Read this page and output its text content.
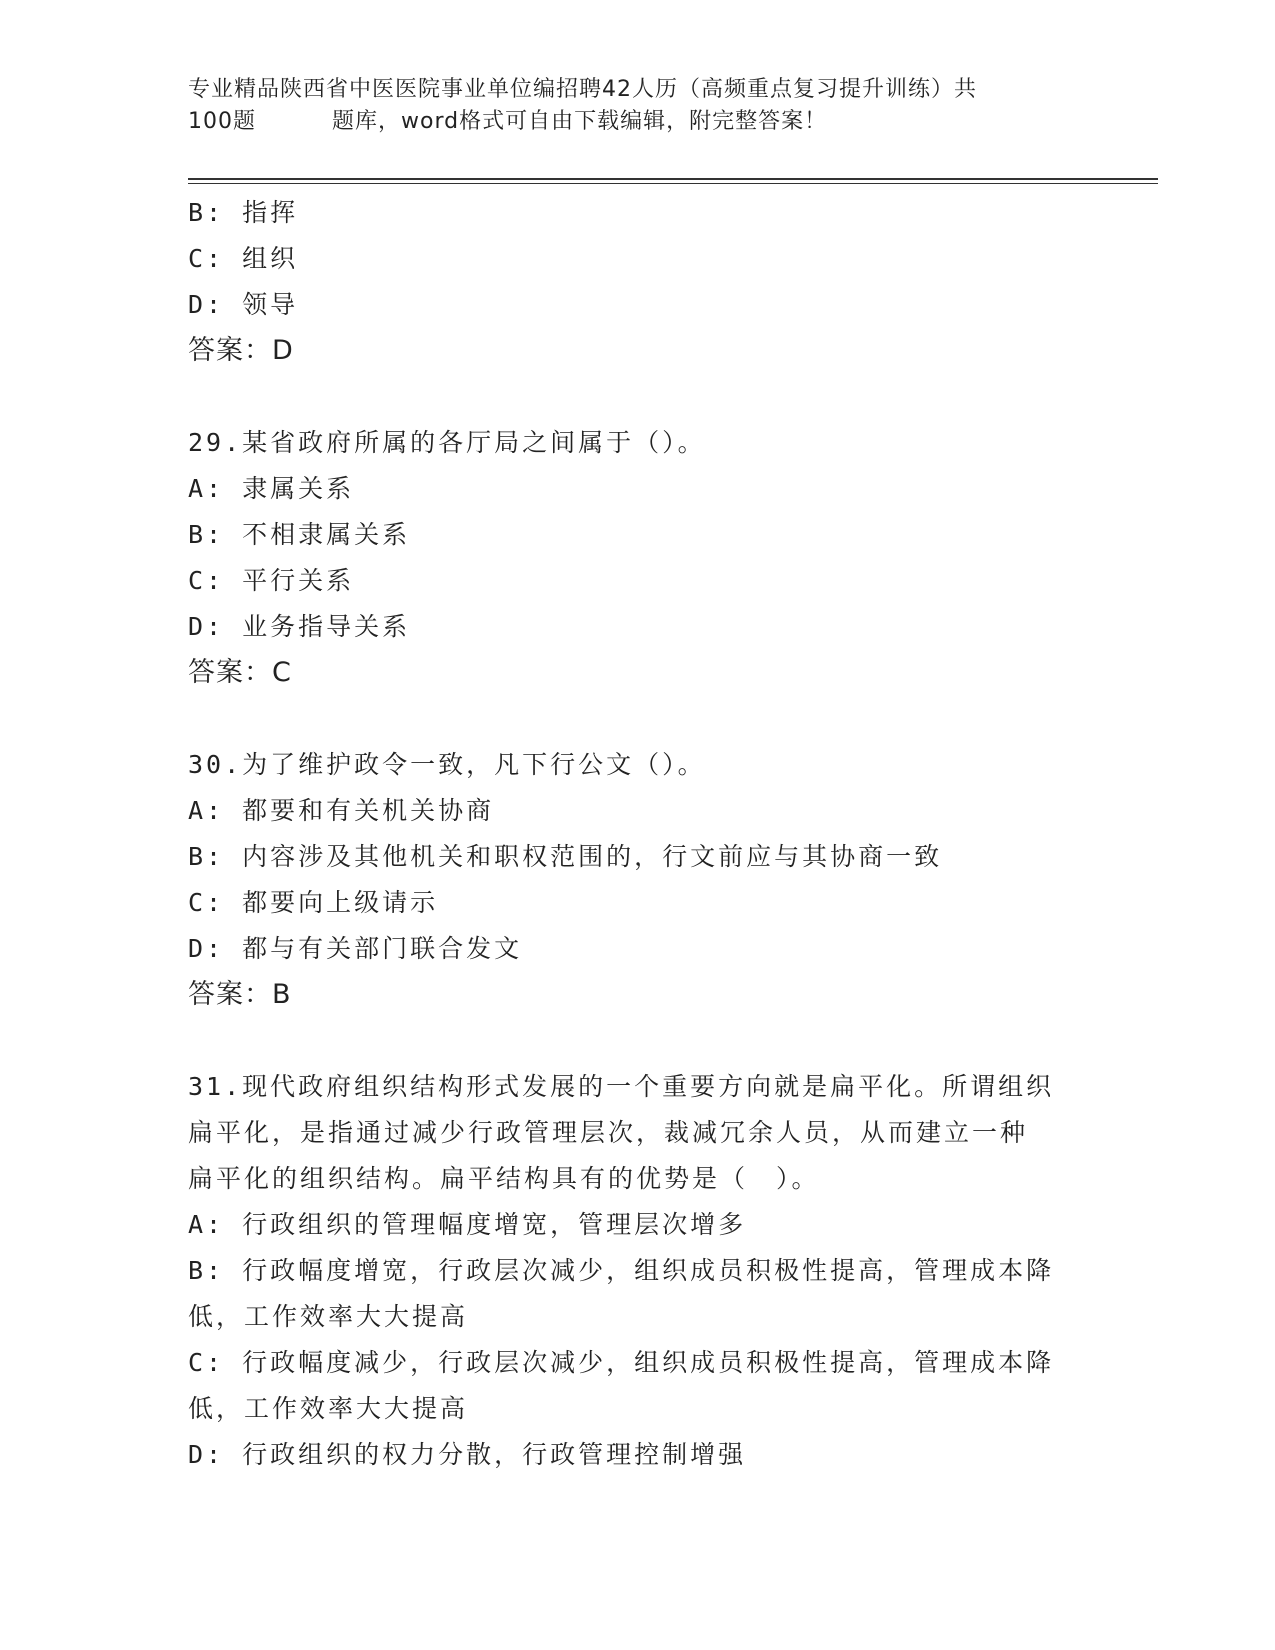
专业精品陕西省中医医院事业单位编招聘42人历（高频重点复习提升训练）共
100题	题库，word格式可自由下载编辑，附完整答案！
B: 指挥
C: 组织
D: 领导
答案：D
29.某省政府所属的各厅局之间属于（）。
A: 隶属关系
B: 不相隶属关系
C: 平行关系
D: 业务指导关系
答案：C
30.为了维护政令一致，凡下行公文（）。
A: 都要和有关机关协商
B: 内容涉及其他机关和职权范围的，行文前应与其协商一致
C: 都要向上级请示
D: 都与有关部门联合发文
答案：B
31.现代政府组织结构形式发展的一个重要方向就是扁平化。所谓组织
扁平化，是指通过减少行政管理层次，裁减冗余人员，从而建立一种
扁平化的组织结构。扁平结构具有的优势是（　）。
A: 行政组织的管理幅度增宽，管理层次增多
B: 行政幅度增宽，行政层次减少，组织成员积极性提高，管理成本降
低，工作效率大大提高
C: 行政幅度减少，行政层次减少，组织成员积极性提高，管理成本降
低，工作效率大大提高
D: 行政组织的权力分散，行政管理控制增强
